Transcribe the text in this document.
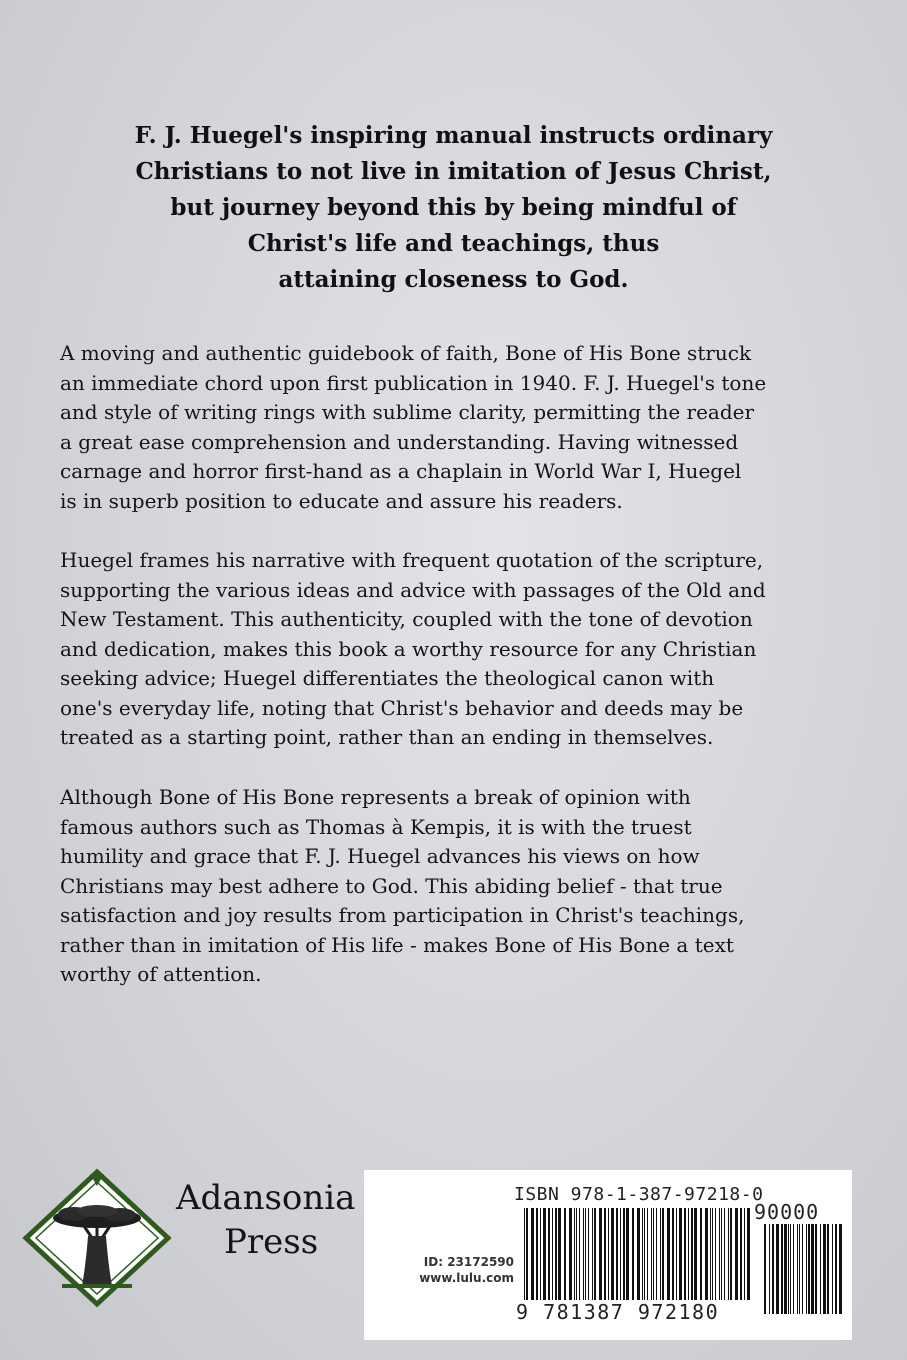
F. J. Huegel's inspiring manual instructs ordinary
Christians to not live in imitation of Jesus Christ,
but journey beyond this by being mindful of
Christ's life and teachings, thus
attaining closeness to God.
A moving and authentic guidebook of faith, Bone of His Bone struck
an immediate chord upon first publication in 1940. F. J. Huegel's tone
and style of writing rings with sublime clarity, permitting the reader
a great ease comprehension and understanding. Having witnessed
carnage and horror first-hand as a chaplain in World War I, Huegel
is in superb position to educate and assure his readers.
Huegel frames his narrative with frequent quotation of the scripture,
supporting the various ideas and advice with passages of the Old and
New Testament. This authenticity, coupled with the tone of devotion
and dedication, makes this book a worthy resource for any Christian
seeking advice; Huegel differentiates the theological canon with
one's everyday life, noting that Christ's behavior and deeds may be
treated as a starting point, rather than an ending in themselves.
Although Bone of His Bone represents a break of opinion with
famous authors such as Thomas à Kempis, it is with the truest
humility and grace that F. J. Huegel advances his views on how
Christians may best adhere to God. This abiding belief - that true
satisfaction and joy results from participation in Christ's teachings,
rather than in imitation of His life - makes Bone of His Bone a text
worthy of attention.
Adansonia
Press
ISBN 978-1-387-97218-0
ID: 23172590
www.lulu.com
90000
9 781387 972180
